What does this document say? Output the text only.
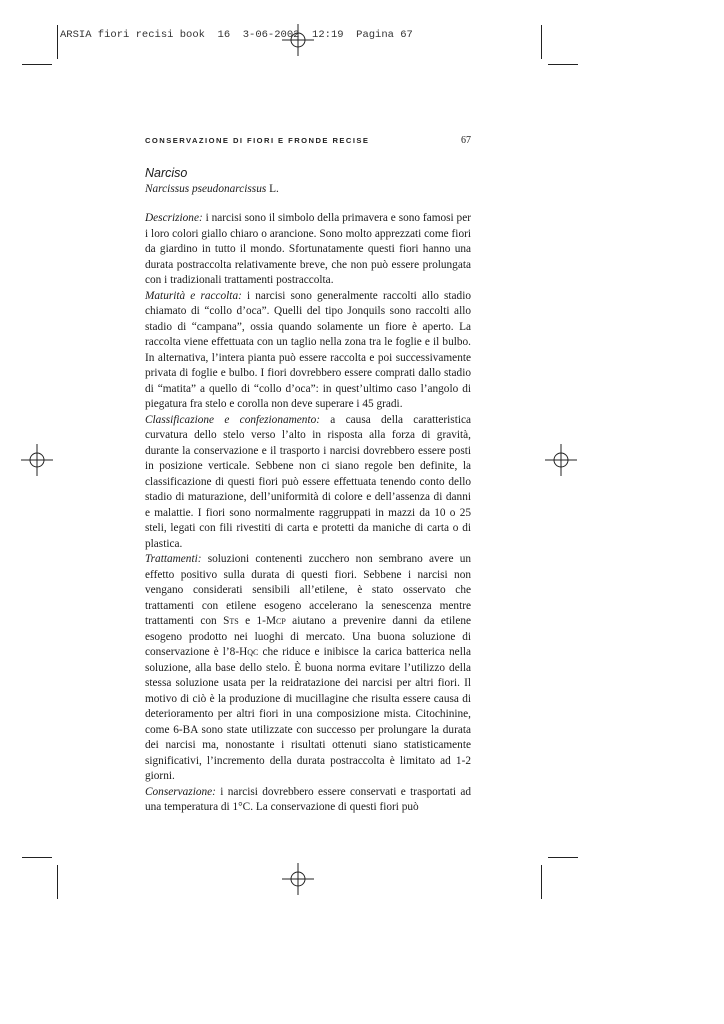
ARSIA fiori recisi book  16  3-06-2002  12:19  Pagina 67
CONSERVAZIONE DI FIORI E FRONDE RECISE	67

Narciso

Narcissus pseudonarcissus L.

Descrizione: i narcisi sono il simbolo della primavera e sono famosi per i loro colori giallo chiaro o arancione. Sono molto apprezzati come fiori da giardino in tutto il mondo. Sfortunatamente questi fiori hanno una durata postraccolta relativamente breve, che non può essere prolungata con i tradizionali trattamenti postraccolta.

Maturità e raccolta: i narcisi sono generalmente raccolti allo stadio chiamato di “collo d’oca”. Quelli del tipo Jonquils sono raccolti allo stadio di “campana”, ossia quando solamente un fiore è aperto. La raccolta viene effettuata con un taglio nella zona tra le foglie e il bulbo. In alternativa, l’intera pianta può essere raccolta e poi successivamente privata di foglie e bulbo. I fiori dovrebbero essere comprati dallo stadio di “matita” a quello di “collo d’oca”: in quest’ultimo caso l’angolo di piegatura fra stelo e corolla non deve superare i 45 gradi.

Classificazione e confezionamento: a causa della caratteristica curvatura dello stelo verso l’alto in risposta alla forza di gravità, durante la conservazione e il trasporto i narcisi dovrebbero essere posti in posizione verticale. Sebbene non ci siano regole ben definite, la classificazione di questi fiori può essere effettuata tenendo conto dello stadio di maturazione, dell’uniformità di colore e dell’assenza di danni e malattie. I fiori sono normalmente raggruppati in mazzi da 10 o 25 steli, legati con fili rivestiti di carta e protetti da maniche di carta o di plastica.

Trattamenti: soluzioni contenenti zucchero non sembrano avere un effetto positivo sulla durata di questi fiori. Sebbene i narcisi non vengano considerati sensibili all’etilene, è stato osservato che trattamenti con etilene esogeno accelerano la senescenza mentre trattamenti con Sts e 1-Mcp aiutano a prevenire danni da etilene esogeno prodotto nei luoghi di mercato. Una buona soluzione di conservazione è l’8-Hqc che riduce e inibisce la carica batterica nella soluzione, alla base dello stelo. È buona norma evitare l’utilizzo della stessa soluzione usata per la reidratazione dei narcisi per altri fiori. Il motivo di ciò è la produzione di mucillagine che risulta essere causa di deterioramento per altri fiori in una composizione mista. Citochinine, come 6-BA sono state utilizzate con successo per prolungare la durata dei narcisi ma, nonostante i risultati ottenuti siano statisticamente significativi, l’incremento della durata postraccolta è limitato ad 1-2 giorni.

Conservazione: i narcisi dovrebbero essere conservati e trasportati ad una temperatura di 1°C. La conservazione di questi fiori può
